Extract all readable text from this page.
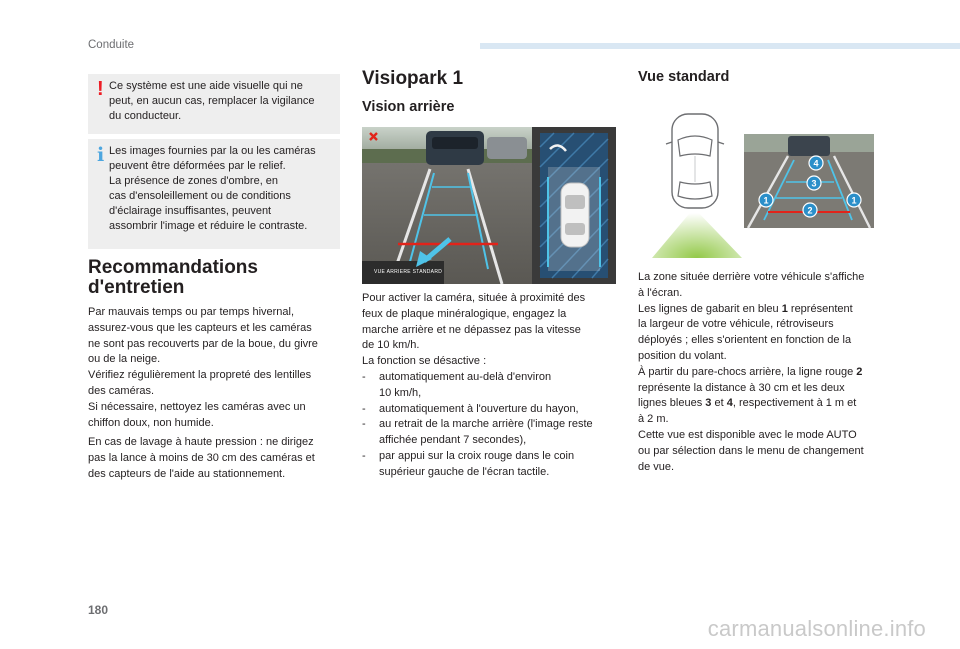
Conduite
! Ce système est une aide visuelle qui ne
peut, en aucun cas, remplacer la vigilance
du conducteur.

i Les images fournies par la ou les caméras
peuvent être déformées par le relief.
La présence de zones d'ombre, en
cas d'ensoleillement ou de conditions
d'éclairage insuffisantes, peuvent
assombrir l'image et réduire le contraste.

Recommandations
d'entretien
Par mauvais temps ou par temps hivernal,
assurez-vous que les capteurs et les caméras
ne sont pas recouverts par de la boue, du givre
ou de la neige.
Vérifiez régulièrement la propreté des lentilles
des caméras.
Si nécessaire, nettoyez les caméras avec un
chiffon doux, non humide.
En cas de lavage à haute pression : ne dirigez
pas la lance à moins de 30 cm des caméras et
des capteurs de l'aide au stationnement.
Visiopark 1
Vision arrière
VUE ARRIERE STANDARD
Pour activer la caméra, située à proximité des
feux de plaque minéralogique, engagez la
marche arrière et ne dépassez pas la vitesse
de 10 km/h.
La fonction se désactive :
- automatiquement au-delà d'environ
10 km/h,
- automatiquement à l'ouverture du hayon,
- au retrait de la marche arrière (l'image reste
affichée pendant 7 secondes),
- par appui sur la croix rouge dans le coin
supérieur gauche de l'écran tactile.
Vue standard
1	1
2
3
4
La zone située derrière votre véhicule s'affiche
à l'écran.
Les lignes de gabarit en bleu 1 représentent
la largeur de votre véhicule, rétroviseurs
déployés ; elles s'orientent en fonction de la
position du volant.
À partir du pare-chocs arrière, la ligne rouge 2
représente la distance à 30 cm et les deux
lignes bleues 3 et 4, respectivement à 1 m et
à 2 m.
Cette vue est disponible avec le mode AUTO
ou par sélection dans le menu de changement
de vue.
180
carmanualsonline.info
